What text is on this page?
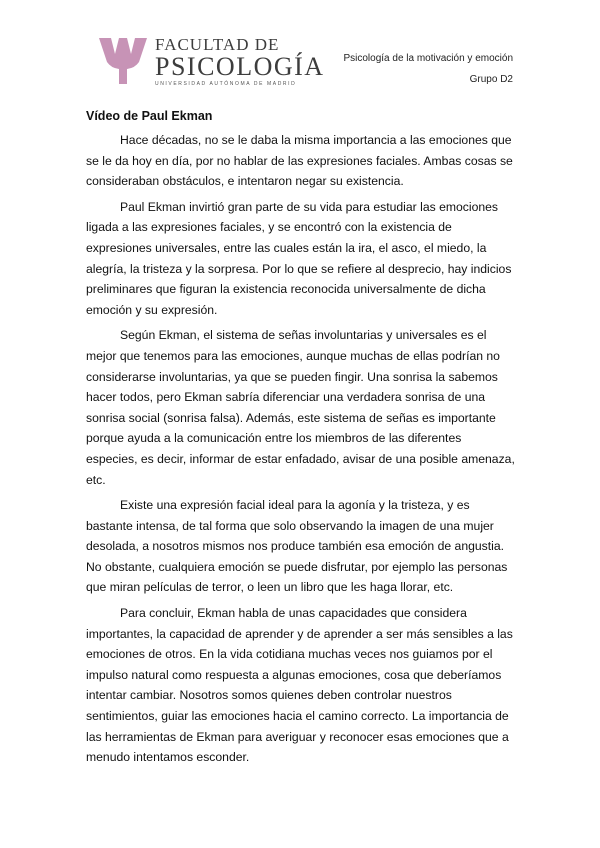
FACULTAD DE
PSICOLOGÍA
UNIVERSIDAD AUTÓNOMA DE MADRID
Psicología de la motivación y emoción
Grupo D2
Vídeo de Paul Ekman

Hace décadas, no se le daba la misma importancia a las emociones que se le da hoy en día, por no hablar de las expresiones faciales. Ambas cosas se consideraban obstáculos, e intentaron negar su existencia.

Paul Ekman invirtió gran parte de su vida para estudiar las emociones ligada a las expresiones faciales, y se encontró con la existencia de expresiones universales, entre las cuales están la ira, el asco, el miedo, la alegría, la tristeza y la sorpresa. Por lo que se refiere al desprecio, hay indicios preliminares que figuran la existencia reconocida universalmente de dicha emoción y su expresión.

Según Ekman, el sistema de señas involuntarias y universales es el mejor que tenemos para las emociones, aunque muchas de ellas podrían no considerarse involuntarias, ya que se pueden fingir. Una sonrisa la sabemos hacer todos, pero Ekman sabría diferenciar una verdadera sonrisa de una sonrisa social (sonrisa falsa). Además, este sistema de señas es importante porque ayuda a la comunicación entre los miembros de las diferentes especies, es decir, informar de estar enfadado, avisar de una posible amenaza, etc.

Existe una expresión facial ideal para la agonía y la tristeza, y es bastante intensa, de tal forma que solo observando la imagen de una mujer desolada, a nosotros mismos nos produce también esa emoción de angustia. No obstante, cualquiera emoción se puede disfrutar, por ejemplo las personas que miran películas de terror, o leen un libro que les haga llorar, etc.

Para concluir, Ekman habla de unas capacidades que considera importantes, la capacidad de aprender y de aprender a ser más sensibles a las emociones de otros. En la vida cotidiana muchas veces nos guiamos por el impulso natural como respuesta a algunas emociones, cosa que deberíamos intentar cambiar. Nosotros somos quienes deben controlar nuestros sentimientos, guiar las emociones hacia el camino correcto. La importancia de las herramientas de Ekman para averiguar y reconocer esas emociones que a menudo intentamos esconder.
